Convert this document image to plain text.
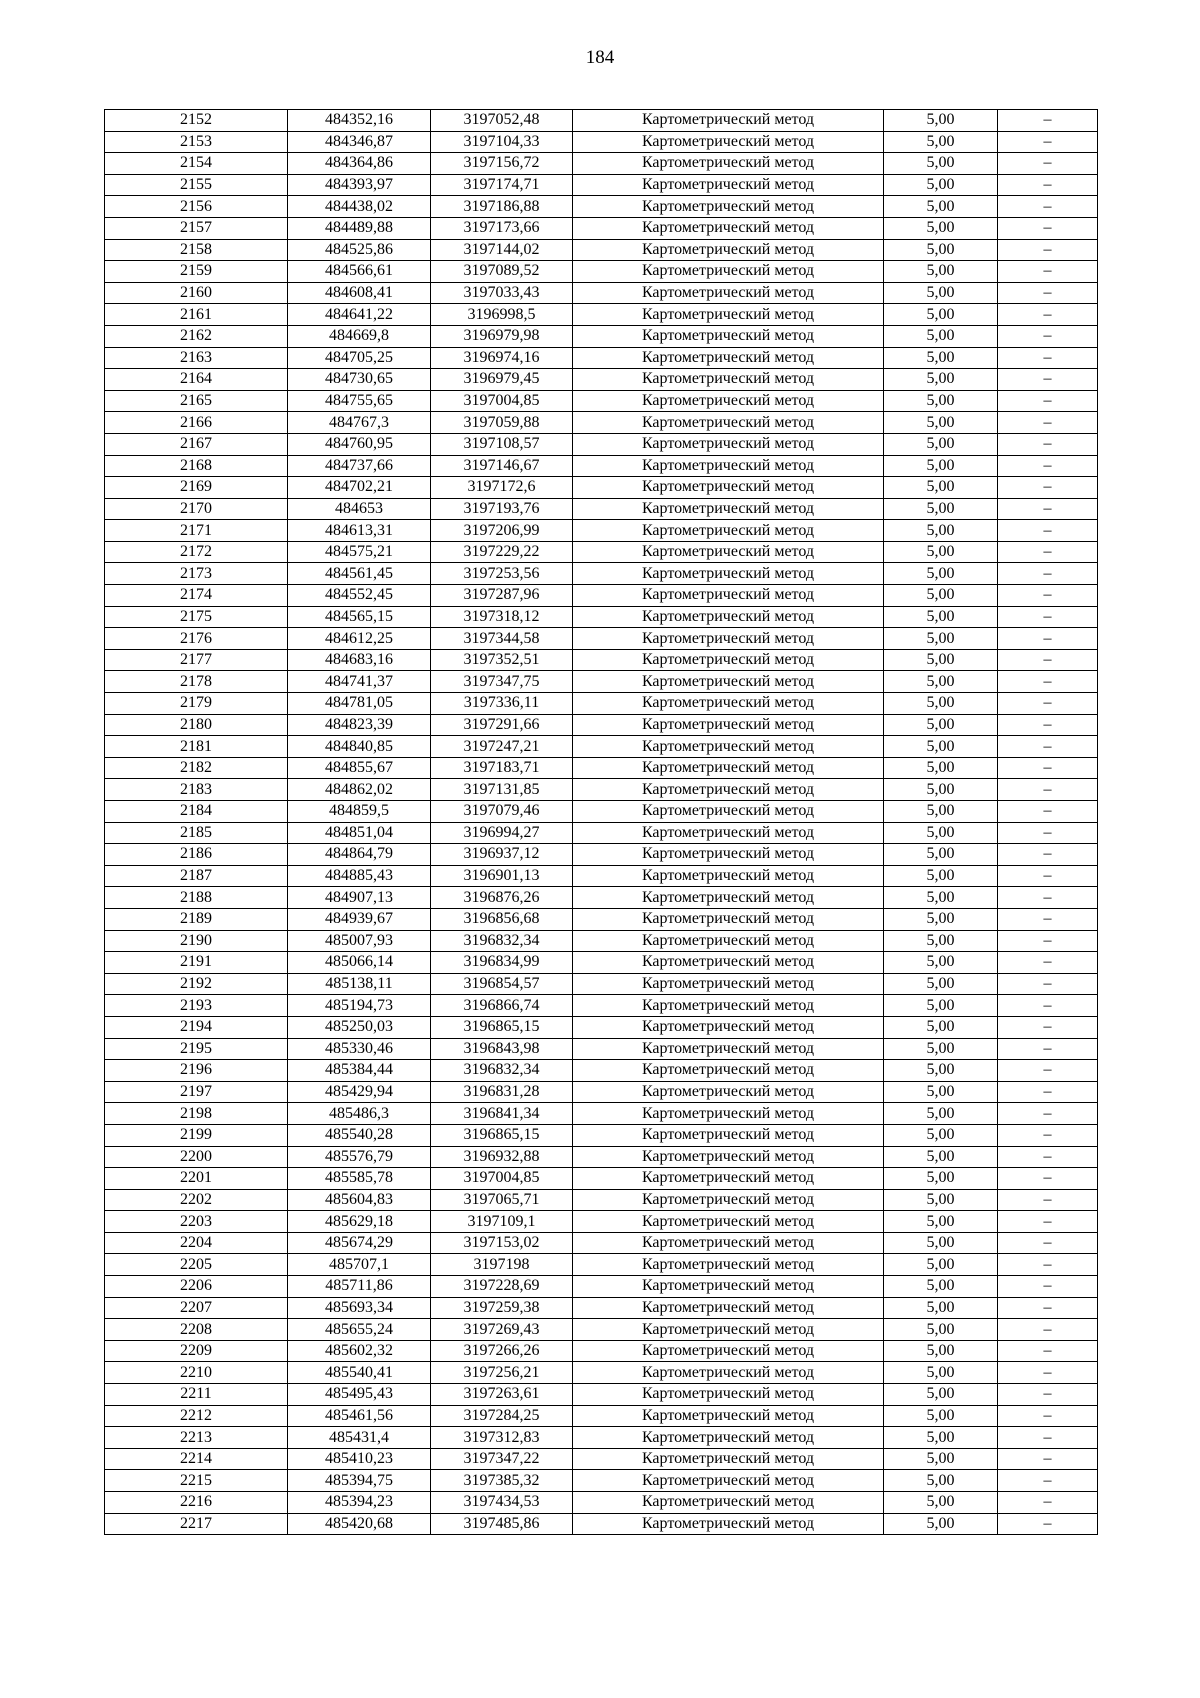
184
2152	484352,16	3197052,48	Картометрический метод	5,00	–
2153	484346,87	3197104,33	Картометрический метод	5,00	–
2154	484364,86	3197156,72	Картометрический метод	5,00	–
2155	484393,97	3197174,71	Картометрический метод	5,00	–
2156	484438,02	3197186,88	Картометрический метод	5,00	–
2157	484489,88	3197173,66	Картометрический метод	5,00	–
2158	484525,86	3197144,02	Картометрический метод	5,00	–
2159	484566,61	3197089,52	Картометрический метод	5,00	–
2160	484608,41	3197033,43	Картометрический метод	5,00	–
2161	484641,22	3196998,5	Картометрический метод	5,00	–
2162	484669,8	3196979,98	Картометрический метод	5,00	–
2163	484705,25	3196974,16	Картометрический метод	5,00	–
2164	484730,65	3196979,45	Картометрический метод	5,00	–
2165	484755,65	3197004,85	Картометрический метод	5,00	–
2166	484767,3	3197059,88	Картометрический метод	5,00	–
2167	484760,95	3197108,57	Картометрический метод	5,00	–
2168	484737,66	3197146,67	Картометрический метод	5,00	–
2169	484702,21	3197172,6	Картометрический метод	5,00	–
2170	484653	3197193,76	Картометрический метод	5,00	–
2171	484613,31	3197206,99	Картометрический метод	5,00	–
2172	484575,21	3197229,22	Картометрический метод	5,00	–
2173	484561,45	3197253,56	Картометрический метод	5,00	–
2174	484552,45	3197287,96	Картометрический метод	5,00	–
2175	484565,15	3197318,12	Картометрический метод	5,00	–
2176	484612,25	3197344,58	Картометрический метод	5,00	–
2177	484683,16	3197352,51	Картометрический метод	5,00	–
2178	484741,37	3197347,75	Картометрический метод	5,00	–
2179	484781,05	3197336,11	Картометрический метод	5,00	–
2180	484823,39	3197291,66	Картометрический метод	5,00	–
2181	484840,85	3197247,21	Картометрический метод	5,00	–
2182	484855,67	3197183,71	Картометрический метод	5,00	–
2183	484862,02	3197131,85	Картометрический метод	5,00	–
2184	484859,5	3197079,46	Картометрический метод	5,00	–
2185	484851,04	3196994,27	Картометрический метод	5,00	–
2186	484864,79	3196937,12	Картометрический метод	5,00	–
2187	484885,43	3196901,13	Картометрический метод	5,00	–
2188	484907,13	3196876,26	Картометрический метод	5,00	–
2189	484939,67	3196856,68	Картометрический метод	5,00	–
2190	485007,93	3196832,34	Картометрический метод	5,00	–
2191	485066,14	3196834,99	Картометрический метод	5,00	–
2192	485138,11	3196854,57	Картометрический метод	5,00	–
2193	485194,73	3196866,74	Картометрический метод	5,00	–
2194	485250,03	3196865,15	Картометрический метод	5,00	–
2195	485330,46	3196843,98	Картометрический метод	5,00	–
2196	485384,44	3196832,34	Картометрический метод	5,00	–
2197	485429,94	3196831,28	Картометрический метод	5,00	–
2198	485486,3	3196841,34	Картометрический метод	5,00	–
2199	485540,28	3196865,15	Картометрический метод	5,00	–
2200	485576,79	3196932,88	Картометрический метод	5,00	–
2201	485585,78	3197004,85	Картометрический метод	5,00	–
2202	485604,83	3197065,71	Картометрический метод	5,00	–
2203	485629,18	3197109,1	Картометрический метод	5,00	–
2204	485674,29	3197153,02	Картометрический метод	5,00	–
2205	485707,1	3197198	Картометрический метод	5,00	–
2206	485711,86	3197228,69	Картометрический метод	5,00	–
2207	485693,34	3197259,38	Картометрический метод	5,00	–
2208	485655,24	3197269,43	Картометрический метод	5,00	–
2209	485602,32	3197266,26	Картометрический метод	5,00	–
2210	485540,41	3197256,21	Картометрический метод	5,00	–
2211	485495,43	3197263,61	Картометрический метод	5,00	–
2212	485461,56	3197284,25	Картометрический метод	5,00	–
2213	485431,4	3197312,83	Картометрический метод	5,00	–
2214	485410,23	3197347,22	Картометрический метод	5,00	–
2215	485394,75	3197385,32	Картометрический метод	5,00	–
2216	485394,23	3197434,53	Картометрический метод	5,00	–
2217	485420,68	3197485,86	Картометрический метод	5,00	–
